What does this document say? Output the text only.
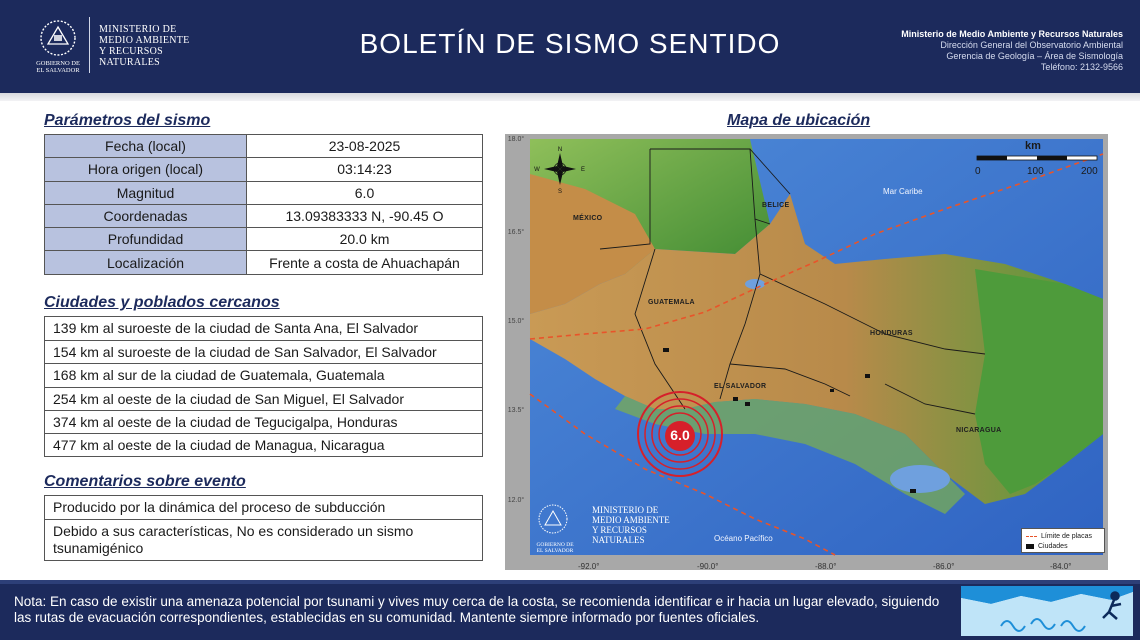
GOBIERNO DE
EL SALVADOR
MINISTERIO DE
MEDIO AMBIENTE
Y RECURSOS
NATURALES
BOLETÍN DE SISMO SENTIDO	Ministerio de Medio Ambiente y Recursos Naturales
Dirección General del Observatorio Ambiental
Gerencia de Geología – Área de Sismología
Teléfono: 2132-9566
Parámetros del sismo
Fecha (local)	23-08-2025
Hora origen (local)	03:14:23
Magnitud	6.0
Coordenadas	13.09383333 N, -90.45 O
Profundidad	20.0 km
Localización	Frente a costa de Ahuachapán
Ciudades y poblados cercanos
139 km al suroeste de la ciudad de Santa Ana, El Salvador
154 km al suroeste de la ciudad de San Salvador, El Salvador
168 km al sur de la ciudad de Guatemala, Guatemala
254 km al oeste de la ciudad de San Miguel, El Salvador
374 km al oeste de la ciudad de Tegucigalpa, Honduras
477 km al oeste de la ciudad de Managua, Nicaragua
Comentarios sobre evento
Producido por la dinámica del proceso de subducción
Debido a sus características, No es considerado un sismo tsunamigénico
Mapa de ubicación
N
S
W	E
18.0°
16.5°
15.0°
13.5°
12.0°
-92.0°	-90.0°	-88.0°	-86.0°	-84.0°
km
0	100	200
MÉXICO
BELICE
GUATEMALA
HONDURAS
EL SALVADOR
NICARAGUA
Mar Caribe
Océano Pacífico
6.0
MINISTERIO DE
MEDIO AMBIENTE
Y RECURSOS
NATURALES
GOBIERNO DE
EL SALVADOR
Límite de placas
Ciudades
Nota: En caso de existir una amenaza potencial por tsunami y vives muy cerca de la costa, se recomienda identificar e ir hacia un lugar elevado, siguiendo las rutas de evacuación correspondientes, establecidas en su comunidad. Mantente siempre informado por fuentes oficiales.
